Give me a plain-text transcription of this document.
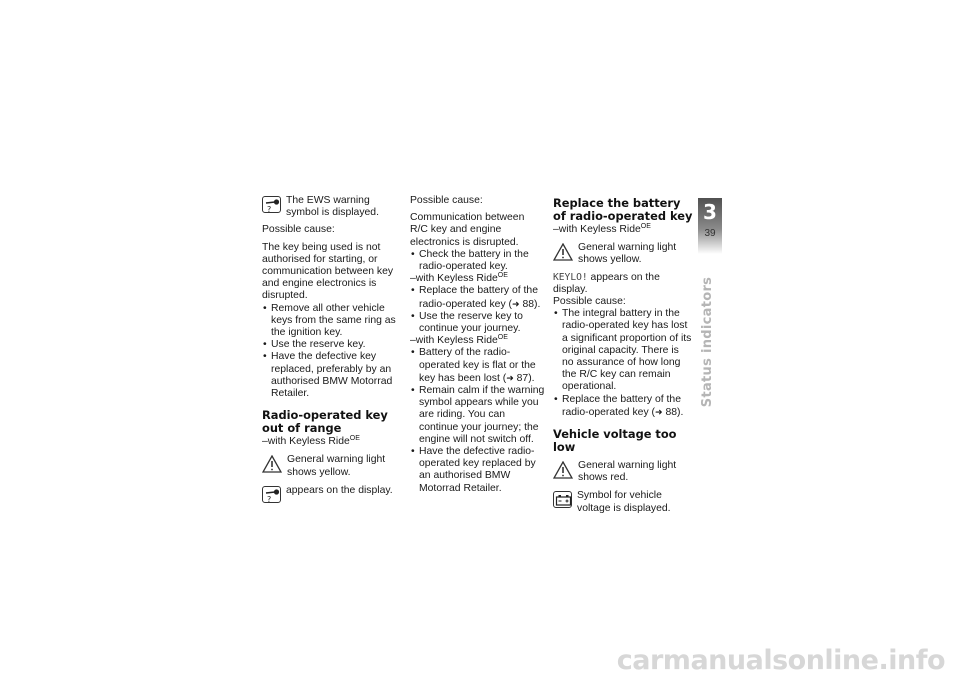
?

The EWS warning symbol is displayed.

Possible cause:

The key being used is not authorised for starting, or communication between key and engine electronics is disrupted.

• Remove all other vehicle keys from the same ring as the ignition key.

• Use the reserve key.

• Have the defective key replaced, preferably by an authorised BMW Motorrad Retailer.

Radio-operated key out of range

– with Keyless Ride$^{OE}$

General warning light shows yellow.

?

appears on the display.

Possible cause:

Communication between R/C key and engine electronics is disrupted.

• Check the battery in the radio-operated key.

– with Keyless Ride$^{OE}$

• Replace the battery of the radio-operated key (➜ 88).

• Use the reserve key to continue your journey.

– with Keyless Ride$^{OE}$

• Battery of the radio-operated key is flat or the key has been lost (➜ 87).

• Remain calm if the warning symbol appears while you are riding. You can continue your journey; the engine will not switch off.

• Have the defective radio-operated key replaced by an authorised BMW Motorrad Retailer.

Replace the battery of radio-operated key

– with Keyless Ride$^{OE}$

General warning light shows yellow.

KEYLO! appears on the display.

Possible cause:

• The integral battery in the radio-operated key has lost a significant proportion of its original capacity. There is no assurance of how long the R/C key can remain operational.

• Replace the battery of the radio-operated key (➜ 88).

Vehicle voltage too low

General warning light shows red.

Symbol for vehicle voltage is displayed.

3
39
Status indicators
carmanualsonline.info
